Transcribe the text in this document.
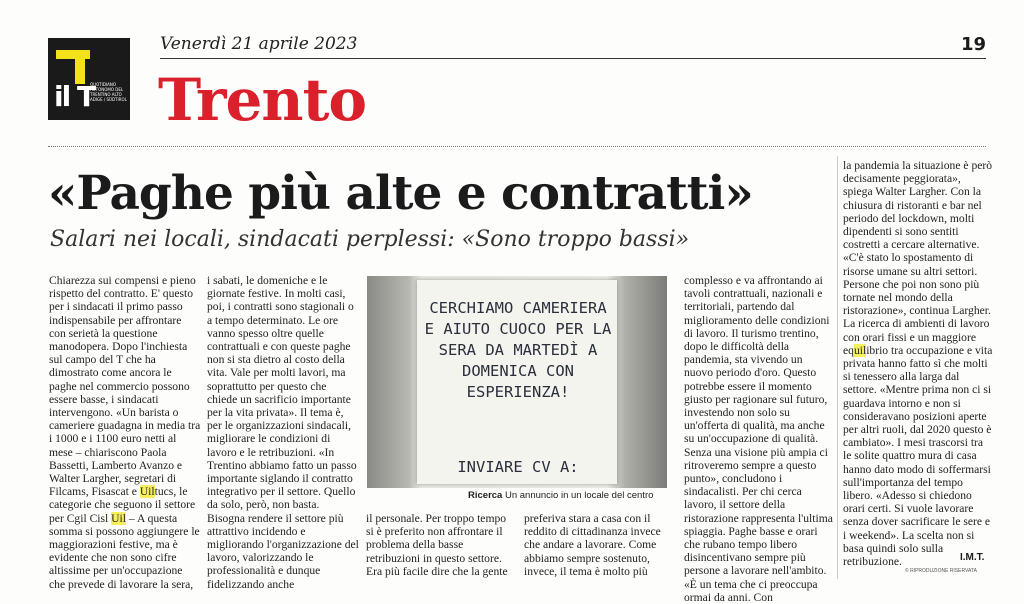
il T
QUOTIDIANO AUTONOMO DEL TRENTINO ALTO ADIGE / SÜDTIROL
Venerdì 21 aprile 2023	19
Trento
«Paghe più alte e contratti»
Salari nei locali, sindacati perplessi: «Sono troppo bassi»
Chiarezza sui compensi e pieno rispetto del contratto. E' questo per i sindacati il primo passo indispensabile per affrontare con serietà la questione manodopera. Dopo l'inchiesta sul campo del T che ha dimostrato come ancora le paghe nel commercio possono essere basse, i sindacati intervengono. «Un barista o cameriere guadagna in media tra i 1000 e i 1100 euro netti al mese – chiariscono Paola Bassetti, Lamberto Avanzo e Walter Largher, segretari di Filcams, Fisascat e Uiltucs, le categorie che seguono il settore per Cgil Cisl Uil – A questa somma si possono aggiungere le maggiorazioni festive, ma è evidente che non sono cifre altissime per un'occupazione che prevede di lavorare la sera,
i sabati, le domeniche e le giornate festive. In molti casi, poi, i contratti sono stagionali o a tempo determinato. Le ore vanno spesso oltre quelle contrattuali e con queste paghe non si sta dietro al costo della vita. Vale per molti lavori, ma soprattutto per questo che chiede un sacrificio importante per la vita privata». Il tema è, per le organizzazioni sindacali, migliorare le condizioni di lavoro e le retribuzioni. «In Trentino abbiamo fatto un passo importante siglando il contratto integrativo per il settore. Quello da solo, però, non basta. Bisogna rendere il settore più attrattivo incidendo e migliorando l'organizzazione del lavoro, valorizzando le professionalità e dunque fidelizzando anche
CERCHIAMO CAMERIERA E AIUTO CUOCO PER LA SERA DA MARTEDÌ A DOMENICA CON ESPERIENZA!
INVIARE CV A:
Ricerca Un annuncio in un locale del centro
il personale. Per troppo tempo si è preferito non affrontare il problema della basse retribuzioni in questo settore. Era più facile dire che la gente
preferiva stara a casa con il reddito di cittadinanza invece che andare a lavorare. Come abbiamo sempre sostenuto, invece, il tema è molto più
complesso e va affrontando ai tavoli contrattuali, nazionali e territoriali, partendo dal miglioramento delle condizioni di lavoro. Il turismo trentino, dopo le difficoltà della pandemia, sta vivendo un nuovo periodo d'oro. Questo potrebbe essere il momento giusto per ragionare sul futuro, investendo non solo su un'offerta di qualità, ma anche su un'occupazione di qualità. Senza una visione più ampia ci ritroveremo sempre a questo punto», concludono i sindacalisti. Per chi cerca lavoro, il settore della ristorazione rappresenta l'ultima spiaggia. Paghe basse e orari che rubano tempo libero disincentivano sempre più persone a lavorare nell'ambito. «È un tema che ci preoccupa ormai da anni. Con
la pandemia la situazione è però decisamente peggiorata», spiega Walter Largher. Con la chiusura di ristoranti e bar nel periodo del lockdown, molti dipendenti si sono sentiti costretti a cercare alternative. «C'è stato lo spostamento di risorse umane su altri settori. Persone che poi non sono più tornate nel mondo della ristorazione», continua Largher. La ricerca di ambienti di lavoro con orari fissi e un maggiore equilibrio tra occupazione e vita privata hanno fatto sì che molti si tenessero alla larga dal settore. «Mentre prima non ci si guardava intorno e non si consideravano posizioni aperte per altri ruoli, dal 2020 questo è cambiato». I mesi trascorsi tra le solite quattro mura di casa hanno dato modo di soffermarsi sull'importanza del tempo libero. «Adesso si chiedono orari certi. Si vuole lavorare senza dover sacrificare le sere e i weekend». La scelta non si basa quindi solo sulla retribuzione.	I.M.T.
© RIPRODUZIONE RISERVATA
